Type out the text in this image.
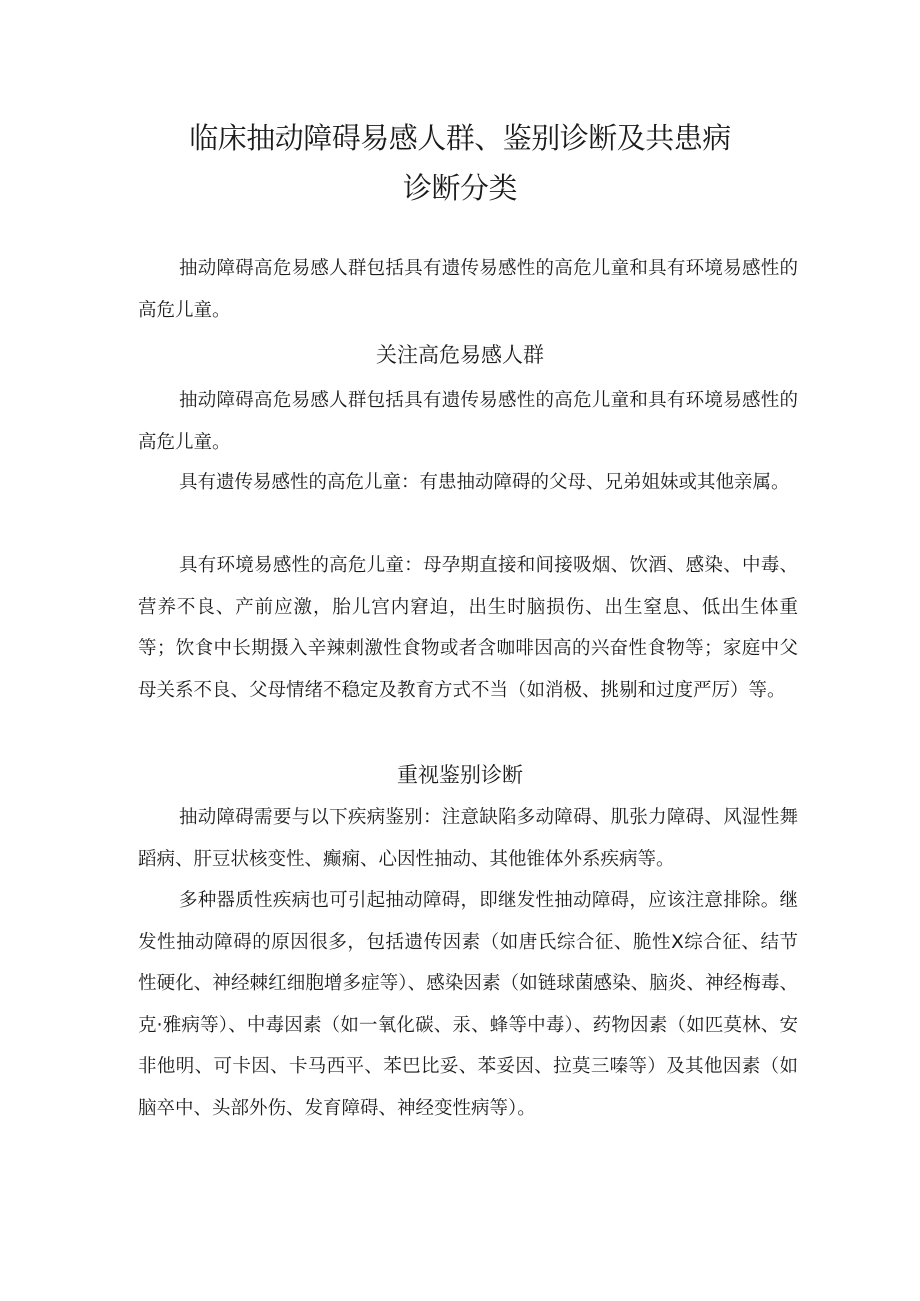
临床抽动障碍易感人群、鉴别诊断及共患病
诊断分类

抽动障碍高危易感人群包括具有遗传易感性的高危儿童和具有环境易感性的高危儿童。

关注高危易感人群

抽动障碍高危易感人群包括具有遗传易感性的高危儿童和具有环境易感性的高危儿童。

具有遗传易感性的高危儿童：有患抽动障碍的父母、兄弟姐妹或其他亲属。

具有环境易感性的高危儿童：母孕期直接和间接吸烟、饮酒、感染、中毒、营养不良、产前应激，胎儿宫内窘迫，出生时脑损伤、出生窒息、低出生体重等；饮食中长期摄入辛辣刺激性食物或者含咖啡因高的兴奋性食物等；家庭中父母关系不良、父母情绪不稳定及教育方式不当（如消极、挑剔和过度严厉）等。

重视鉴别诊断

抽动障碍需要与以下疾病鉴别：注意缺陷多动障碍、肌张力障碍、风湿性舞蹈病、肝豆状核变性、癫痫、心因性抽动、其他锥体外系疾病等。

多种器质性疾病也可引起抽动障碍，即继发性抽动障碍，应该注意排除。继发性抽动障碍的原因很多，包括遗传因素（如唐氏综合征、脆性X综合征、结节性硬化、神经棘红细胞增多症等）、感染因素（如链球菌感染、脑炎、神经梅毒、克·雅病等）、中毒因素（如一氧化碳、汞、蜂等中毒）、药物因素（如匹莫林、安非他明、可卡因、卡马西平、苯巴比妥、苯妥因、拉莫三嗪等）及其他因素（如脑卒中、头部外伤、发育障碍、神经变性病等）。
